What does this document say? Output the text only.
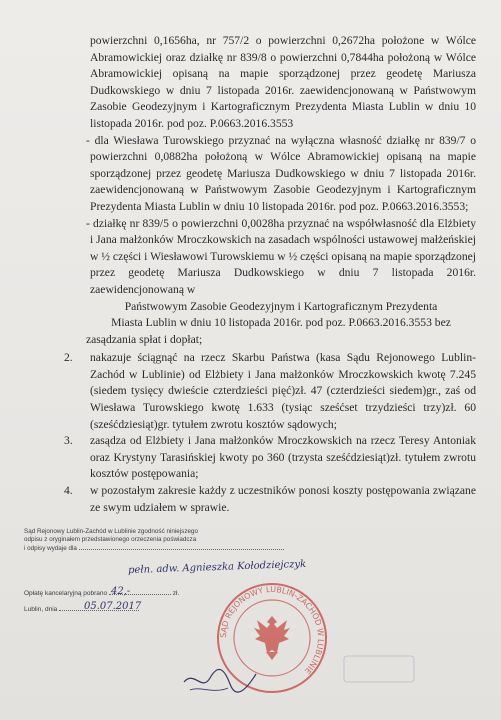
powierzchni 0,1656ha, nr 757/2 o powierzchni 0,2672ha położone w Wólce Abramowickiej oraz działkę nr 839/8 o powierzchni 0,7844ha położoną w Wólce Abramowickiej opisaną na mapie sporządzonej przez geodetę Mariusza Dudkowskiego w dniu 7 listopada 2016r. zaewidencjonowaną w Państwowym Zasobie Geodezyjnym i Kartograficznym Prezydenta Miasta Lublin w dniu 10 listopada 2016r. pod poz. P.0663.2016.3553

- dla Wiesława Turowskiego przyznać na wyłączna własność działkę nr 839/7 o powierzchni 0,0882ha położoną w Wólce Abramowickiej opisaną na mapie sporządzonej przez geodetę Mariusza Dudkowskiego w dniu 7 listopada 2016r. zaewidencjonowaną w Państwowym Zasobie Geodezyjnym i Kartograficznym Prezydenta Miasta Lublin w dniu 10 listopada 2016r. pod poz. P.0663.2016.3553;

- działkę nr 839/5 o powierzchni 0,0028ha przyznać na współwłasność dla Elżbiety i Jana małżonków Mroczkowskich na zasadach wspólności ustawowej małżeńskiej w ½ części i Wiesławowi Turowskiemu w ½ części opisaną na mapie sporządzonej przez geodetę Mariusza Dudkowskiego w dniu 7 listopada 2016r. zaewidencjonowaną w
Państwowym Zasobie Geodezyjnym i Kartograficznym Prezydenta
Miasta Lublin w dniu 10 listopada 2016r. pod poz. P.0663.2016.3553 bez
zasądzania spłat i dopłat;
2. nakazuje ściągnąć na rzecz Skarbu Państwa (kasa Sądu Rejonowego Lublin-Zachód w Lublinie) od Elżbiety i Jana małżonków Mroczkowskich kwotę 7.245 (siedem tysięcy dwieście czterdzieści pięć)zł. 47 (czterdzieści siedem)gr., zaś od Wiesława Turowskiego kwotę 1.633 (tysiąc sześćset trzydzieści trzy)zł. 60 (sześćdziesiąt)gr. tytułem zwrotu kosztów sądowych;
3. zasądza od Elżbiety i Jana małżonków Mroczkowskich na rzecz Teresy Antoniak oraz Krystyny Tarasińskiej kwoty po 360 (trzysta sześćdziesiąt)zł. tytułem zwrotu kosztów postępowania;
4. w pozostałym zakresie każdy z uczestników ponosi koszty postępowania związane ze swym udziałem w sprawie.
Sąd Rejonowy Lublin-Zachód w Lublinie zgodność niniejszego
odpisu z oryginałem przedstawionego orzeczenia poświadcza
i odpisy wydaje dla
pełn. adw. Agnieszka Kołodziejczyk
Opłatę kancelaryjną pobrano	zł.
42,-
Lublin, dnia	05.07.2017
SĄD REJONOWY LUBLIN-ZACHÓD W LUBLINIE
